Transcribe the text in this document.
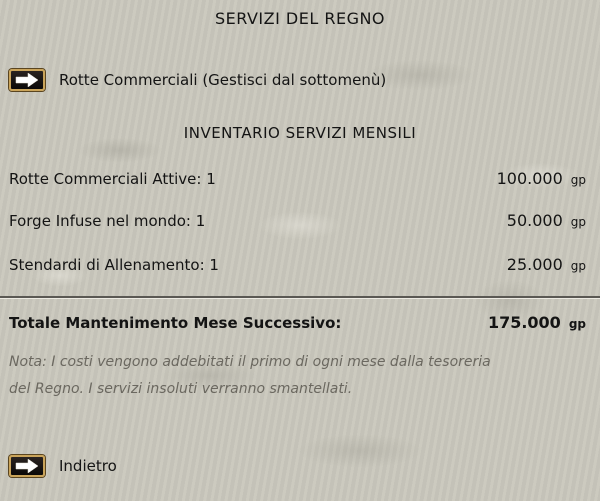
SERVIZI DEL REGNO
Rotte Commerciali (Gestisci dal sottomenù)
INVENTARIO SERVIZI MENSILI
Rotte Commerciali Attive: 1	100.000 gp
Forge Infuse nel mondo: 1	50.000 gp
Stendardi di Allenamento: 1	25.000 gp
Totale Mantenimento Mese Successivo:	175.000 gp
Nota: I costi vengono addebitati il primo di ogni mese dalla tesoreria
del Regno. I servizi insoluti verranno smantellati.
Indietro
